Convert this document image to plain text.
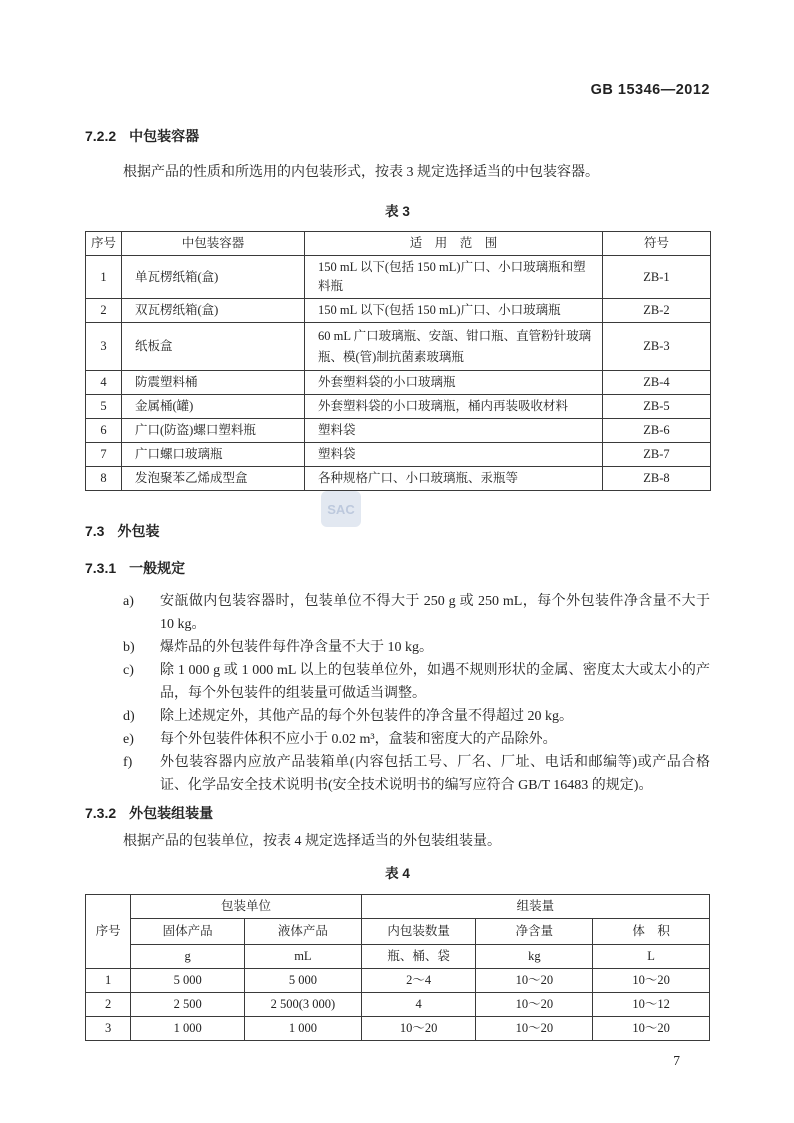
SAC
GB 15346—2012
7.2.2 中包装容器
根据产品的性质和所选用的内包装形式，按表 3 规定选择适当的中包装容器。
表 3
序号	中包装容器	适　用　范　围	符号
1	单瓦楞纸箱(盒)	150 mL 以下(包括 150 mL)广口、小口玻璃瓶和塑料瓶	ZB-1
2	双瓦楞纸箱(盒)	150 mL 以下(包括 150 mL)广口、小口玻璃瓶	ZB-2
3	纸板盒	60 mL 广口玻璃瓶、安瓿、钳口瓶、直管粉针玻璃瓶、模(管)制抗菌素玻璃瓶	ZB-3
4	防震塑料桶	外套塑料袋的小口玻璃瓶	ZB-4
5	金属桶(罐)	外套塑料袋的小口玻璃瓶，桶内再装吸收材料	ZB-5
6	广口(防盗)螺口塑料瓶	塑料袋	ZB-6
7	广口螺口玻璃瓶	塑料袋	ZB-7
8	发泡聚苯乙烯成型盒	各种规格广口、小口玻璃瓶、汞瓶等	ZB-8
7.3 外包装
7.3.1 一般规定
a) 安瓿做内包装容器时，包装单位不得大于 250 g 或 250 mL，每个外包装件净含量不大于 10 kg。
b) 爆炸品的外包装件每件净含量不大于 10 kg。
c) 除 1 000 g 或 1 000 mL 以上的包装单位外，如遇不规则形状的金属、密度太大或太小的产品，每个外包装件的组装量可做适当调整。
d) 除上述规定外，其他产品的每个外包装件的净含量不得超过 20 kg。
e) 每个外包装件体积不应小于 0.02 m³，盒装和密度大的产品除外。
f) 外包装容器内应放产品装箱单(内容包括工号、厂名、厂址、电话和邮编等)或产品合格证、化学品安全技术说明书(安全技术说明书的编写应符合 GB/T 16483 的规定)。
7.3.2 外包装组装量
根据产品的包装单位，按表 4 规定选择适当的外包装组装量。
表 4
序号	包装单位		组装量		
	固体产品	液体产品	内包装数量	净含量	体　积
	g	mL	瓶、桶、袋	kg	L
1	5 000	5 000	2～4	10～20	10～20
2	2 500	2 500(3 000)	4	10～20	10～12
3	1 000	1 000	10～20	10～20	10～20
7
